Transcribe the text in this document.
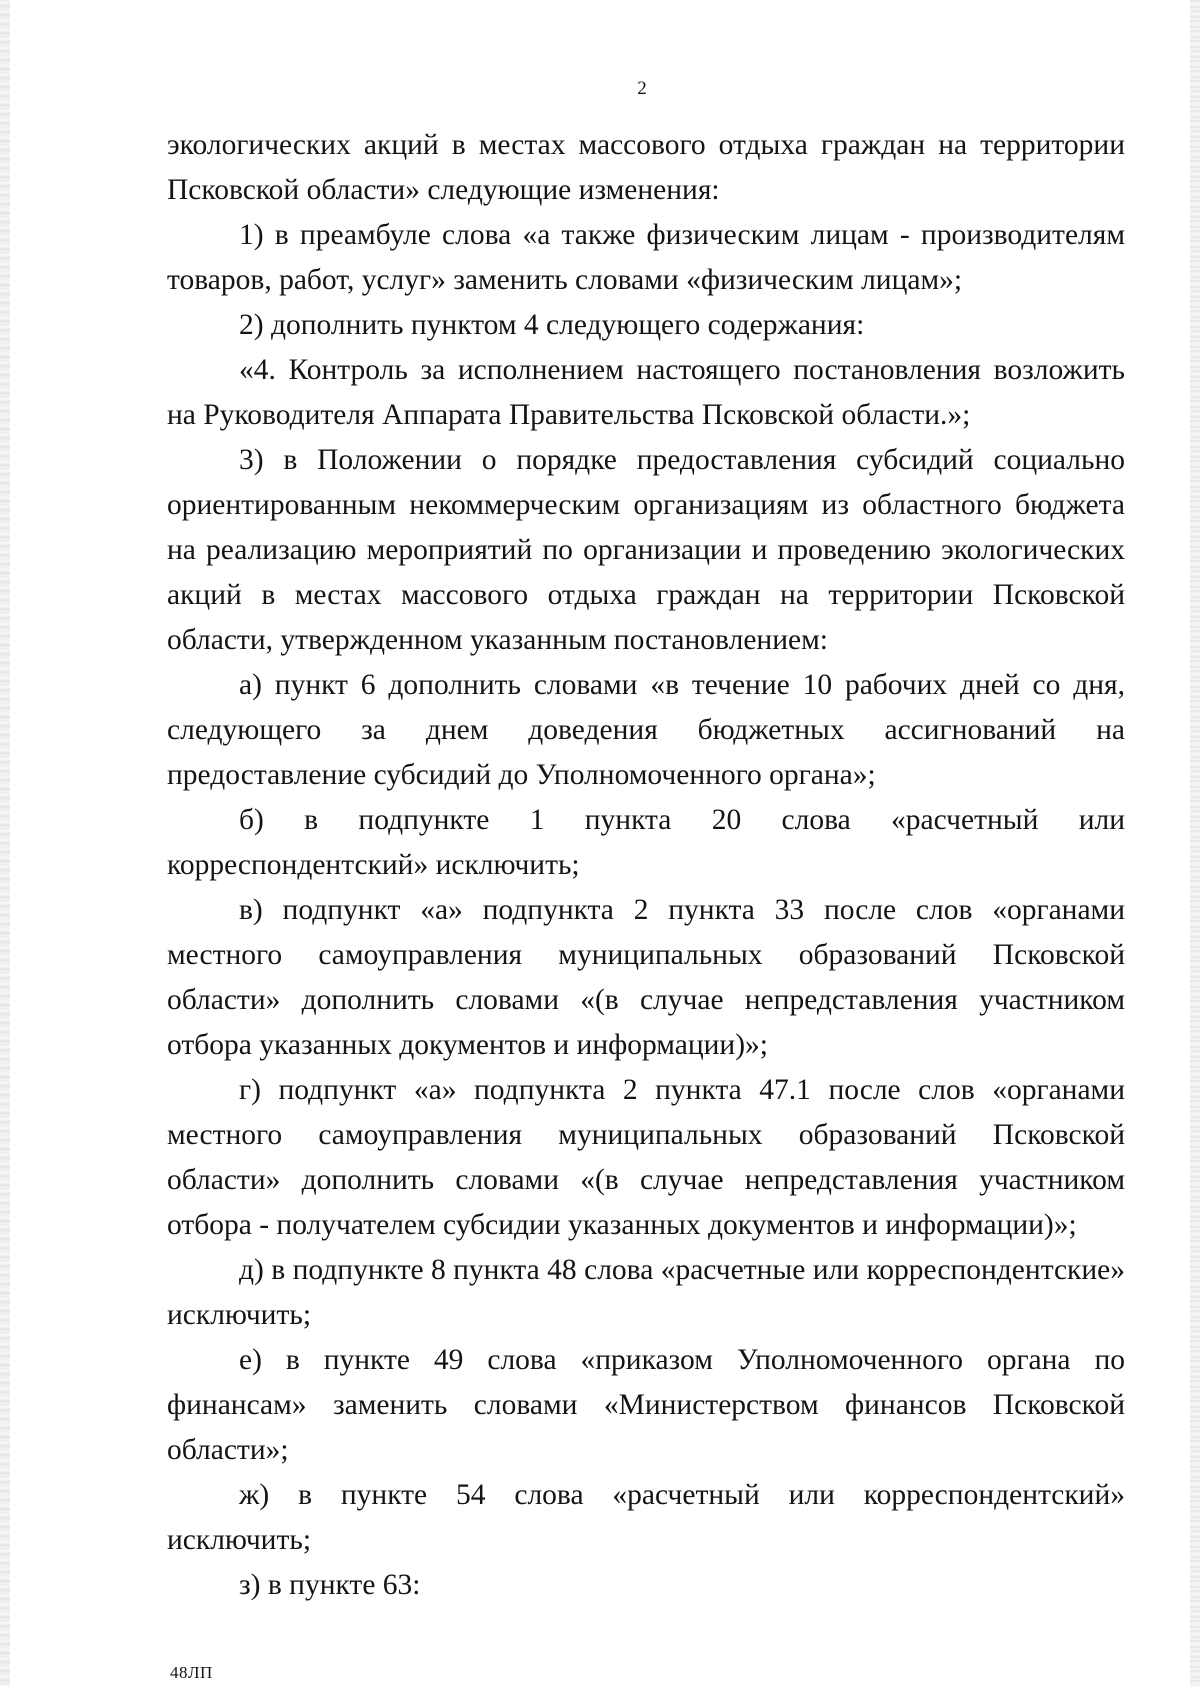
2

экологических акций в местах массового отдыха граждан на территории Псковской области» следующие изменения:

1) в преамбуле слова «а также физическим лицам - производителям товаров, работ, услуг» заменить словами «физическим лицам»;

2) дополнить пунктом 4 следующего содержания:

«4. Контроль за исполнением настоящего постановления возложить на Руководителя Аппарата Правительства Псковской области.»;

3) в Положении о порядке предоставления субсидий социально ориентированным некоммерческим организациям из областного бюджета на реализацию мероприятий по организации и проведению экологических акций в местах массового отдыха граждан на территории Псковской области, утвержденном указанным постановлением:

а) пункт 6 дополнить словами «в течение 10 рабочих дней со дня, следующего за днем доведения бюджетных ассигнований на предоставление субсидий до Уполномоченного органа»;

б) в подпункте 1 пункта 20 слова «расчетный или корреспондентский» исключить;

в) подпункт «а» подпункта 2 пункта 33 после слов «органами местного самоуправления муниципальных образований Псковской области» дополнить словами «(в случае непредставления участником отбора указанных документов и информации)»;

г) подпункт «а» подпункта 2 пункта 47.1 после слов «органами местного самоуправления муниципальных образований Псковской области» дополнить словами «(в случае непредставления участником отбора - получателем субсидии указанных документов и информации)»;

д) в подпункте 8 пункта 48 слова «расчетные или корреспондентские» исключить;

е) в пункте 49 слова «приказом Уполномоченного органа по финансам» заменить словами «Министерством финансов Псковской области»;

ж) в пункте 54 слова «расчетный или корреспондентский» исключить;

з) в пункте 63:

48ЛП
